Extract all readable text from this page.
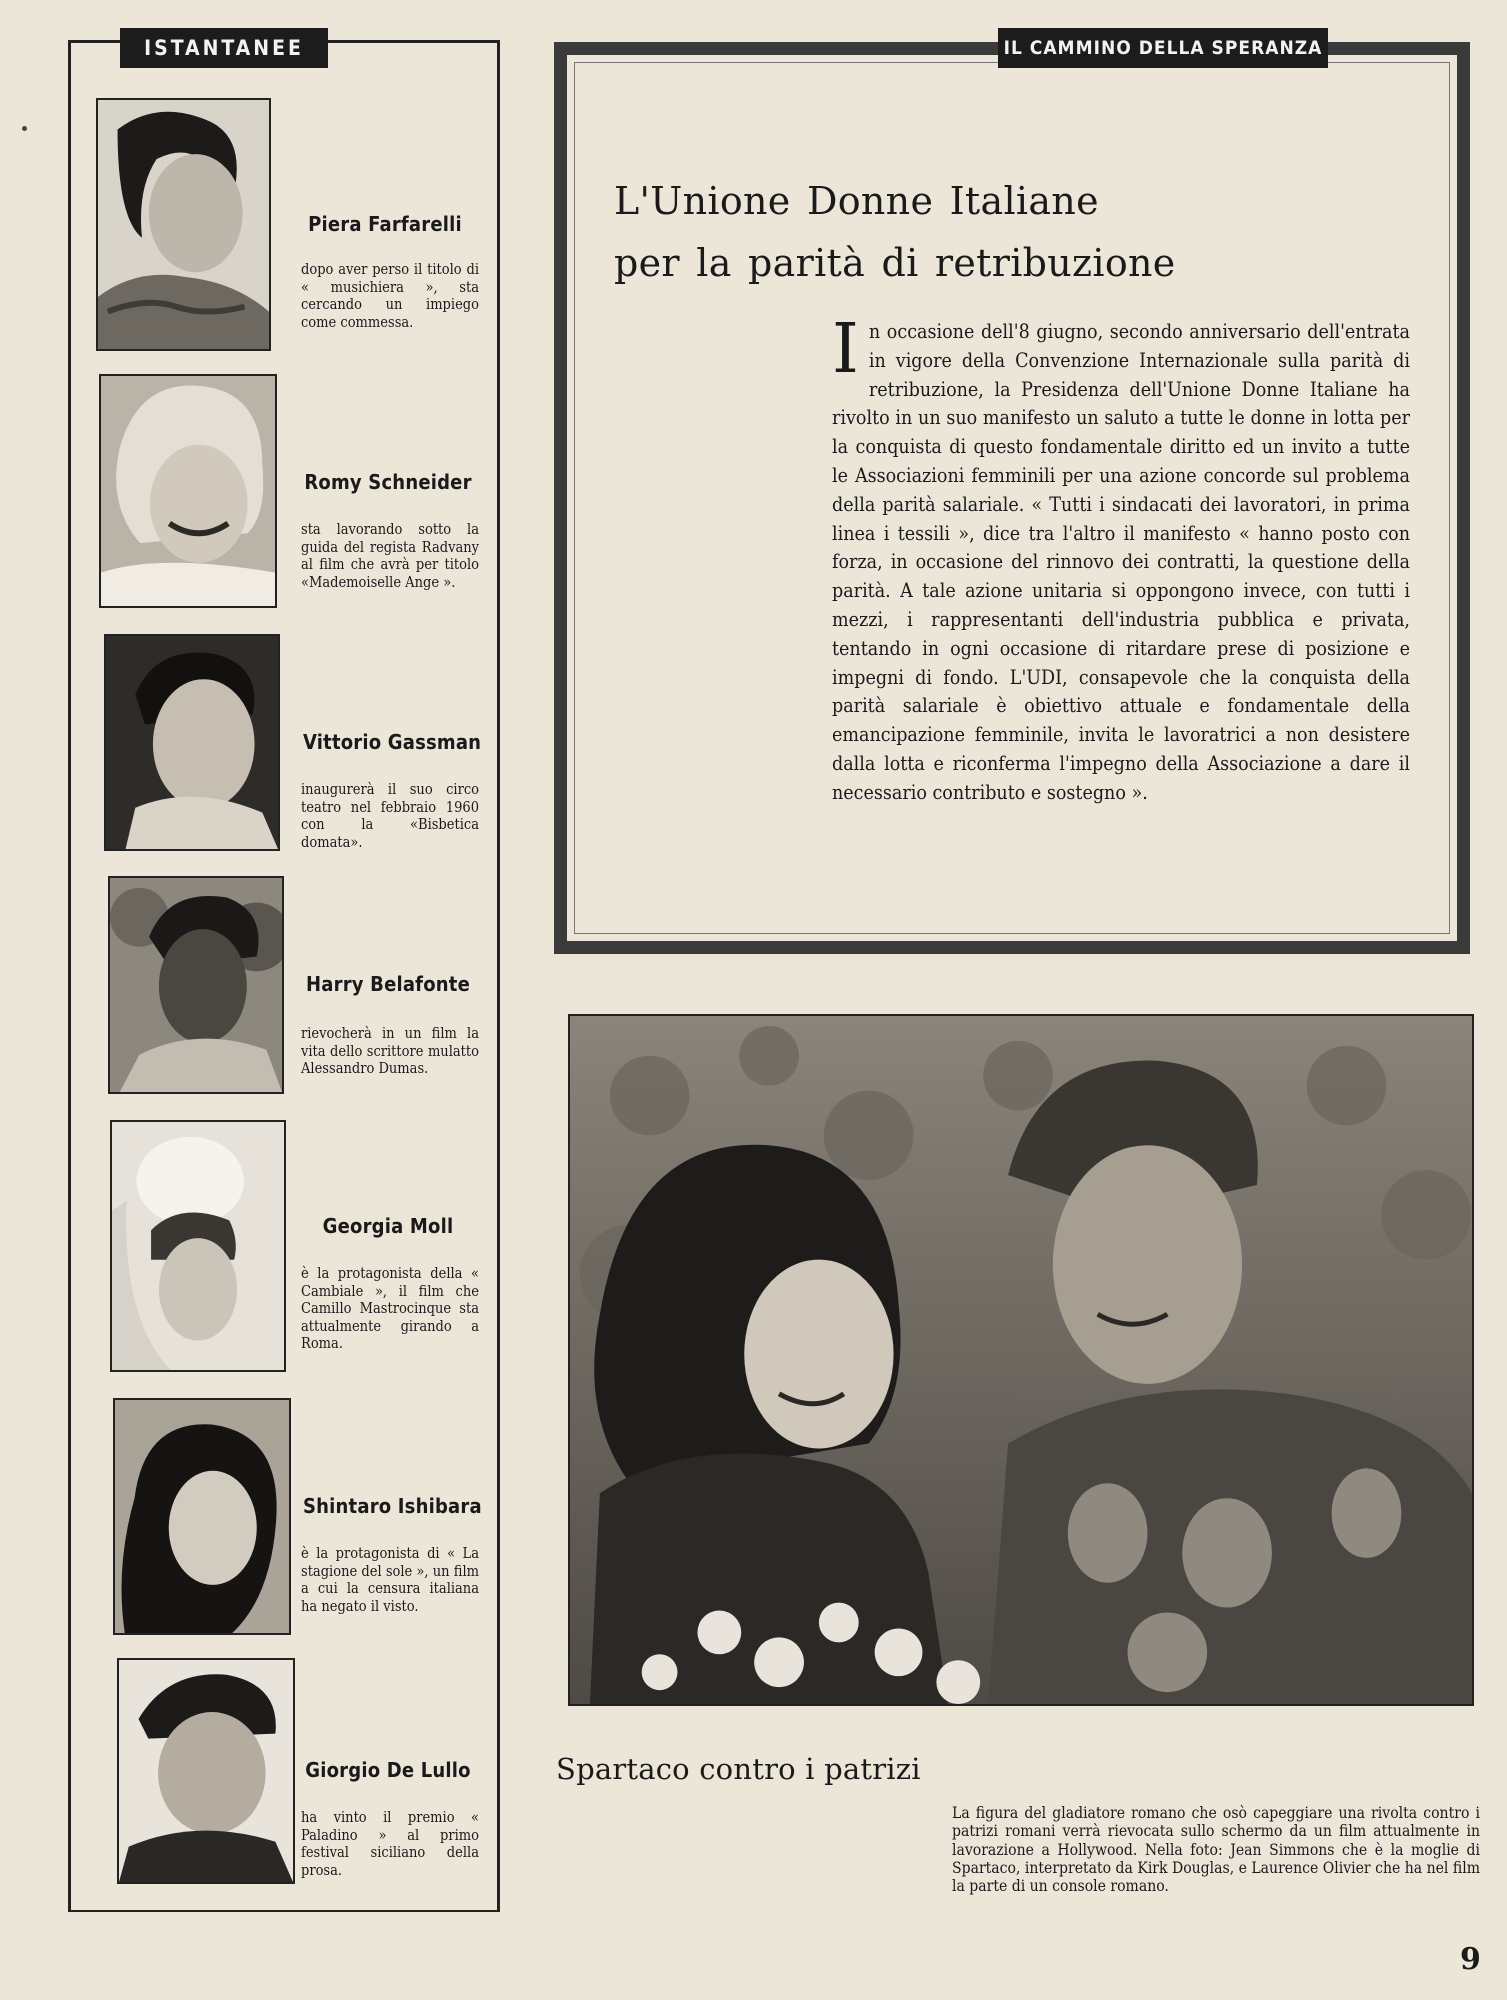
ISTANTANEE
Piera Farfarelli
dopo aver perso il titolo di « musichiera », sta cercando un impiego come commessa.
Romy Schneider
sta lavorando sotto la guida del regista Radvany al film che avrà per titolo «Mademoiselle Ange ».
Vittorio Gassman
inaugurerà il suo circo teatro nel febbraio 1960 con la «Bisbetica domata».
Harry Belafonte
rievocherà in un film la vita dello scrittore mulatto Alessandro Dumas.
Georgia Moll
è la protagonista della « Cambiale », il film che Camillo Mastrocinque sta attualmente girando a Roma.
Shintaro Ishibara
è la protagonista di « La stagione del sole », un film a cui la censura italiana ha negato il visto.
Giorgio De Lullo
ha vinto il premio « Paladino » al primo festival siciliano della prosa.
IL CAMMINO DELLA SPERANZA
L'Unione Donne Italiane
per la parità di retribuzione
I n occasione dell'8 giugno, secondo anniversario dell'entrata in vigore della Convenzione Internazionale sulla parità di retribuzione, la Presidenza dell'Unione Donne Italiane ha rivolto in un suo manifesto un saluto a tutte le donne in lotta per la conquista di questo fondamentale diritto ed un invito a tutte le Associazioni femminili per una azione concorde sul problema della parità salariale. « Tutti i sindacati dei lavoratori, in prima linea i tessili », dice tra l'altro il manifesto « hanno posto con forza, in occasione del rinnovo dei contratti, la questione della parità. A tale azione unitaria si oppongono invece, con tutti i mezzi, i rappresentanti dell'industria pubblica e privata, tentando in ogni occasione di ritardare prese di posizione e impegni di fondo. L'UDI, consapevole che la conquista della parità salariale è obiettivo attuale e fondamentale della emancipazione femminile, invita le lavoratrici a non desistere dalla lotta e riconferma l'impegno della Associazione a dare il necessario contributo e sostegno ».
Spartaco contro i patrizi
La figura del gladiatore romano che osò capeggiare una rivolta contro i patrizi romani verrà rievocata sullo schermo da un film attualmente in lavorazione a Hollywood. Nella foto: Jean Simmons che è la moglie di Spartaco, interpretato da Kirk Douglas, e Laurence Olivier che ha nel film la parte di un console romano.
9
